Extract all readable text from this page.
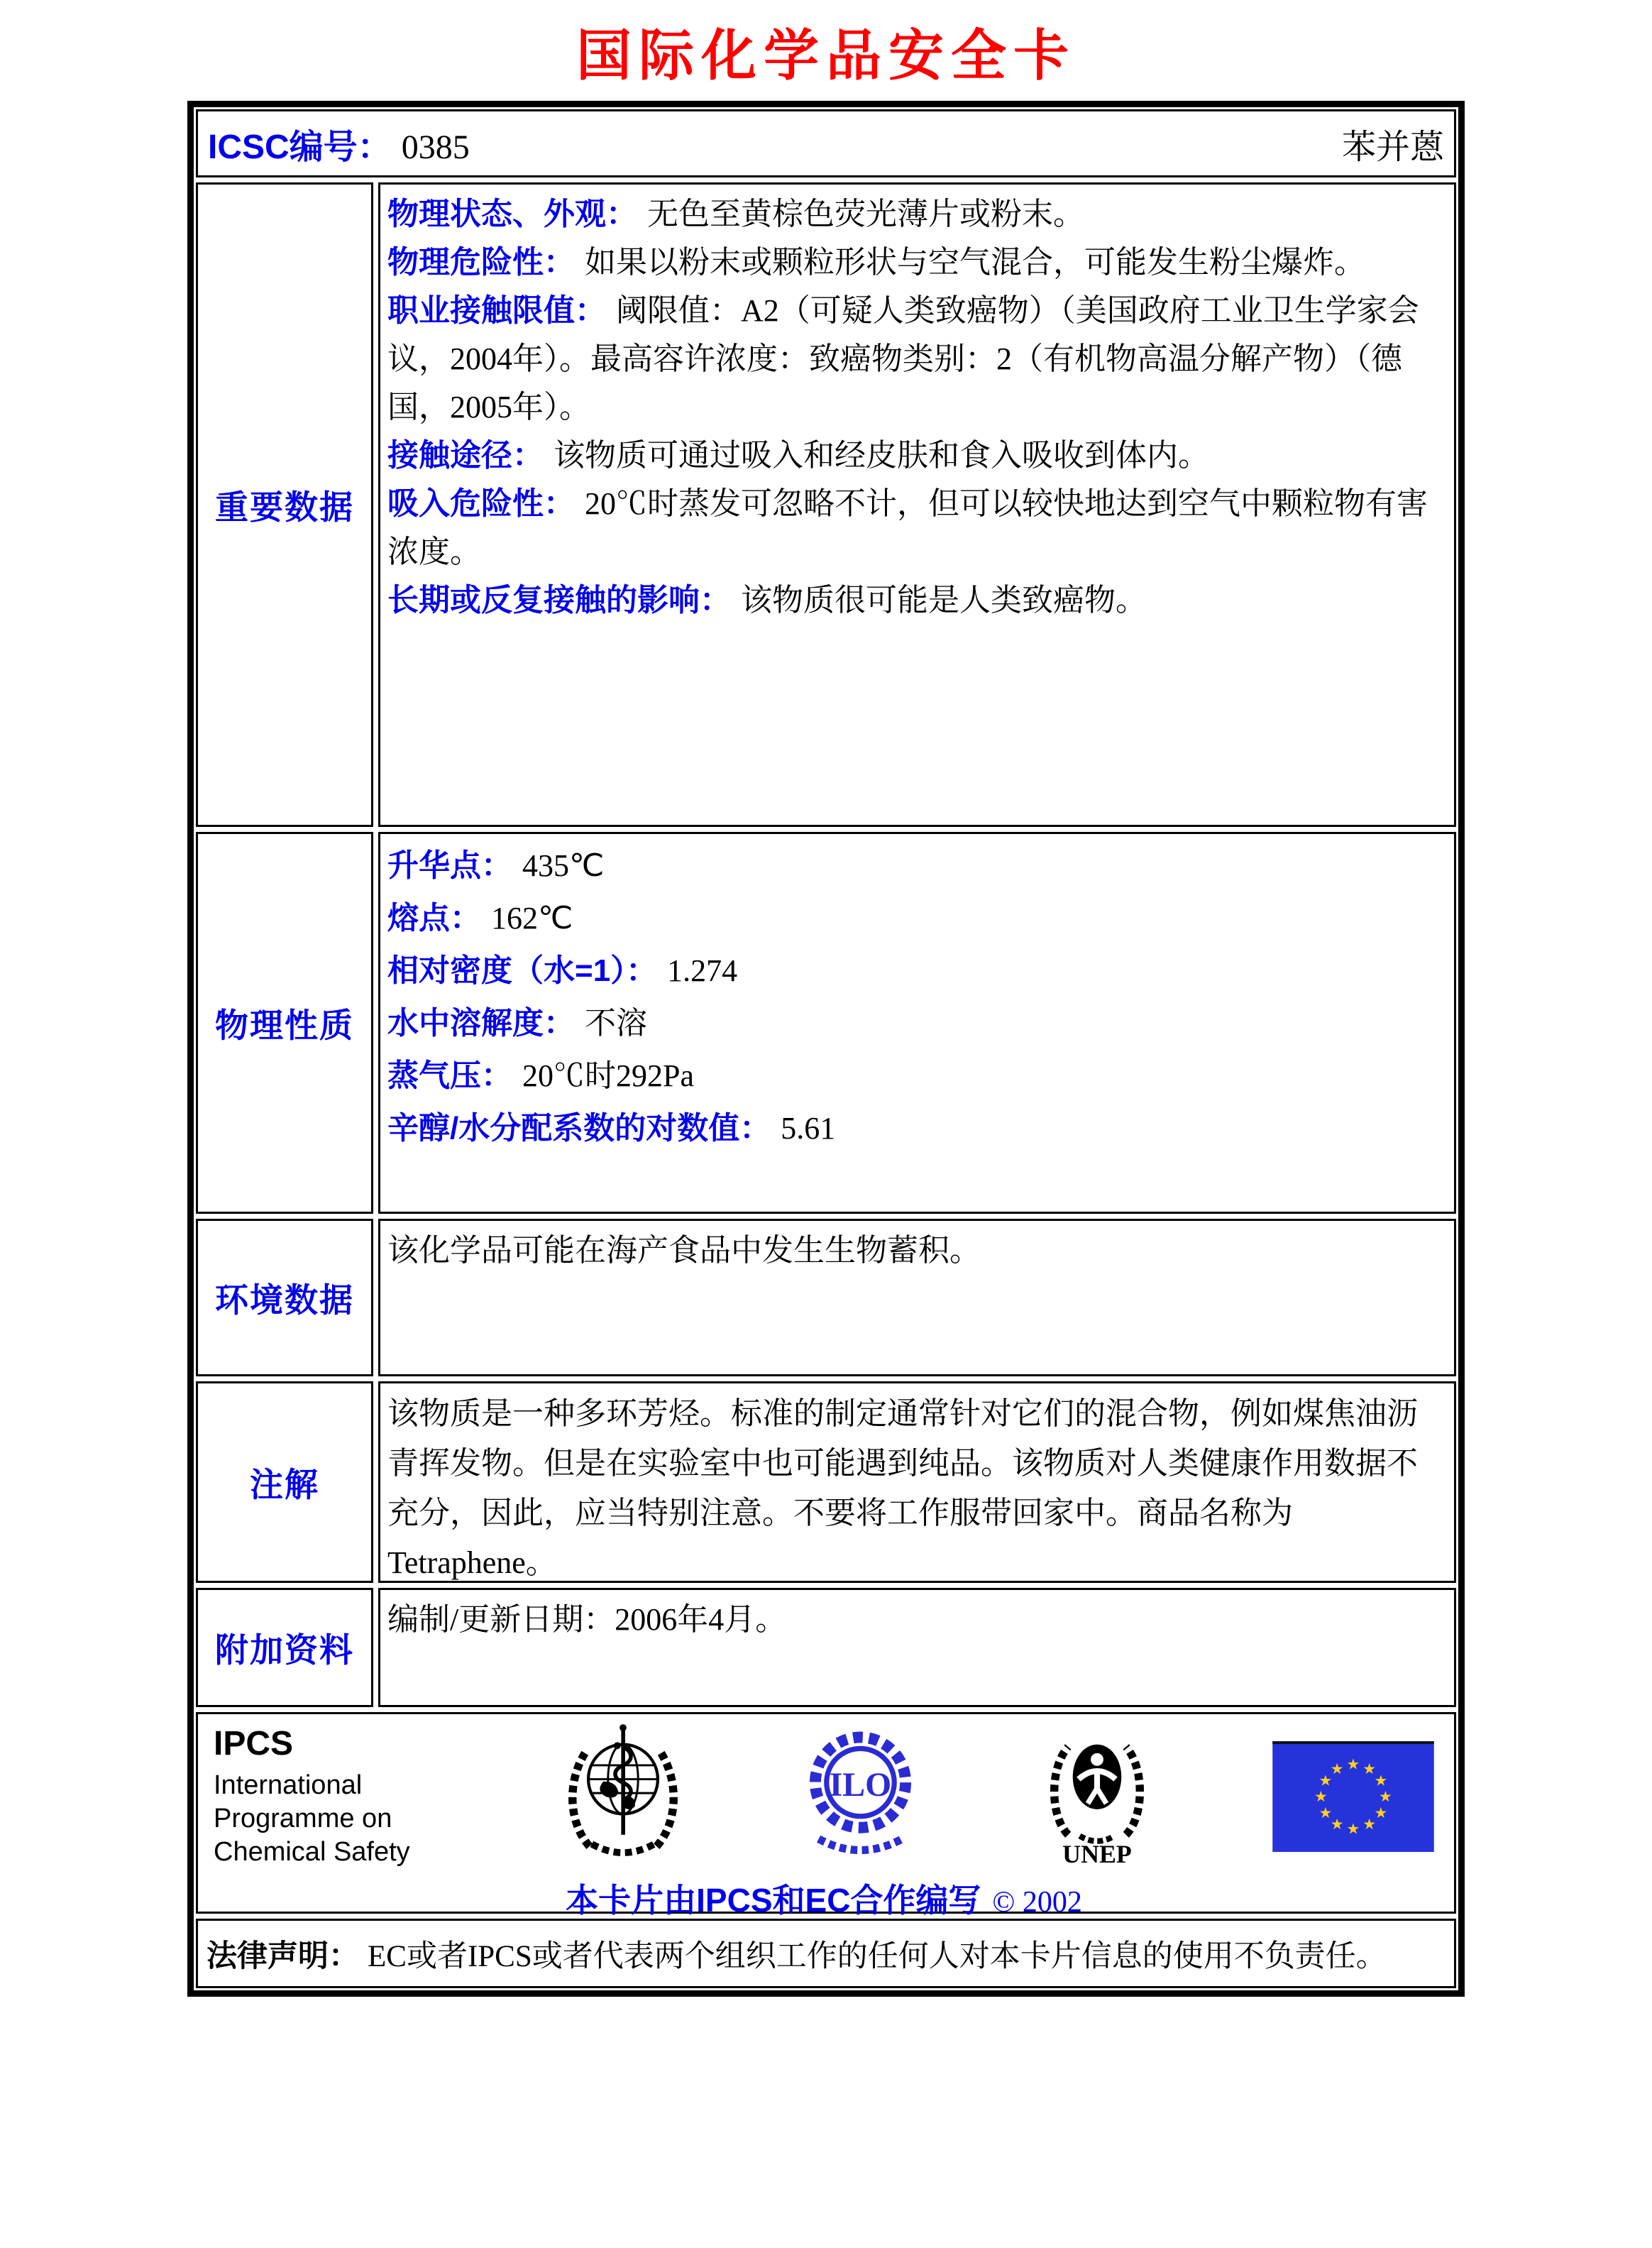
国际化学品安全卡
ICSC编号： 0385	苯并蒽
重要数据

物理状态、外观： 无色至黄棕色荧光薄片或粉末。

物理危险性： 如果以粉末或颗粒形状与空气混合，可能发生粉尘爆炸。

职业接触限值： 阈限值：A2（可疑人类致癌物）（美国政府工业卫生学家会议，2004年）。最高容许浓度：致癌物类别：2（有机物高温分解产物）（德国，2005年）。

接触途径： 该物质可通过吸入和经皮肤和食入吸收到体内。

吸入危险性： 20℃时蒸发可忽略不计，但可以较快地达到空气中颗粒物有害浓度。

长期或反复接触的影响： 该物质很可能是人类致癌物。

物理性质

升华点： 435℃

熔点： 162℃

相对密度（水=1）： 1.274

水中溶解度： 不溶

蒸气压： 20℃时292Pa

辛醇/水分配系数的对数值： 5.61

环境数据

该化学品可能在海产食品中发生生物蓄积。

注解

该物质是一种多环芳烃。标准的制定通常针对它们的混合物，例如煤焦油沥青挥发物。但是在实验室中也可能遇到纯品。该物质对人类健康作用数据不充分，因此，应当特别注意。不要将工作服带回家中。商品名称为Tetraphene。

附加资料

编制/更新日期：2006年4月。

IPCS
International
Programme on
Chemical Safety
ILO
UNEP
★ ★
★
★
★
★
★
★
★
★
★
★
本卡片由IPCS和EC合作编写 © 2002
法律声明： EC或者IPCS或者代表两个组织工作的任何人对本卡片信息的使用不负责任。
